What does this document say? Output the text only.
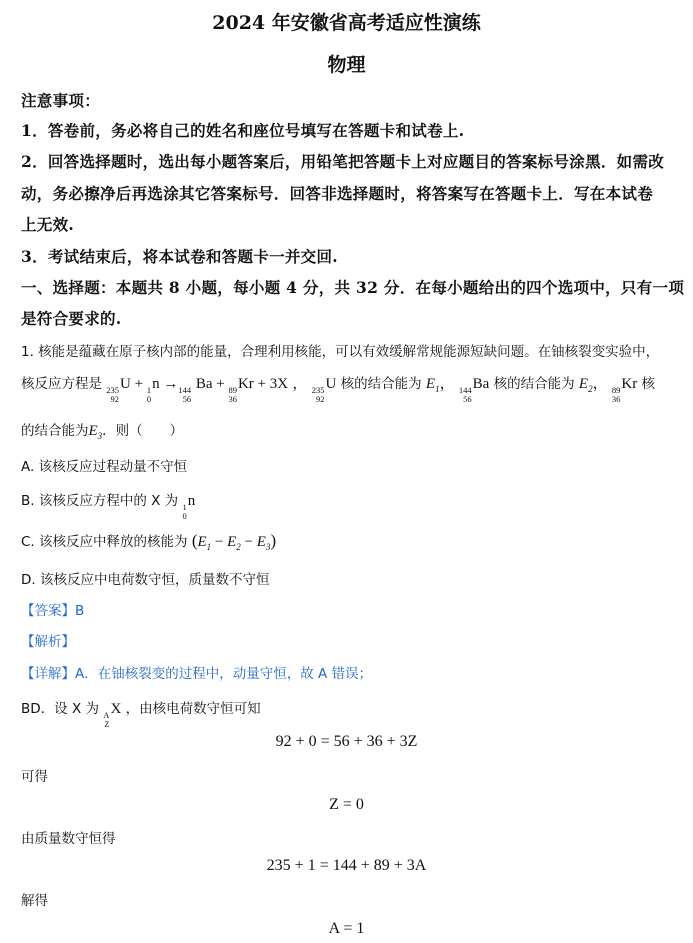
2024 年安徽省高考适应性演练
物理
注意事项：
1．答卷前，务必将自己的姓名和座位号填写在答题卡和试卷上.
2．回答选择题时，选出每小题答案后，用铅笔把答题卡上对应题目的答案标号涂黑．如需改
动，务必擦净后再选涂其它答案标号．回答非选择题时，将答案写在答题卡上．写在本试卷
上无效.
3．考试结束后，将本试卷和答题卡一并交回.
一、选择题：本题共 8 小题，每小题 4 分，共 32 分．在每小题给出的四个选项中，只有一项
是符合要求的.
1. 核能是蕴藏在原子核内部的能量，合理利用核能，可以有效缓解常规能源短缺问题。在铀核裂变实验中，
核反应方程是 235
92
U + 1
0
n → 144
56
Ba + 89
36
Kr + 3X ， 235
92
U 核的结合能为 $E_1$， 144
56
Ba 核的结合能为 $E_2$， 89
36
Kr 核
的结合能为$E_3$．则（　　）
A. 该核反应过程动量不守恒
B. 该核反应方程中的 X 为 1
0
n
C. 该核反应中释放的核能为 $(E_1 - E_2 - E_3)$
D. 该核反应中电荷数守恒，质量数不守恒
【答案】B
【解析】
【详解】A．在铀核裂变的过程中，动量守恒，故 A 错误；
BD．设 X 为 A
Z
X ，由核电荷数守恒可知
92 + 0 = 56 + 36 + 3Z
可得
Z = 0
由质量数守恒得
235 + 1 = 144 + 89 + 3A
解得
A = 1
